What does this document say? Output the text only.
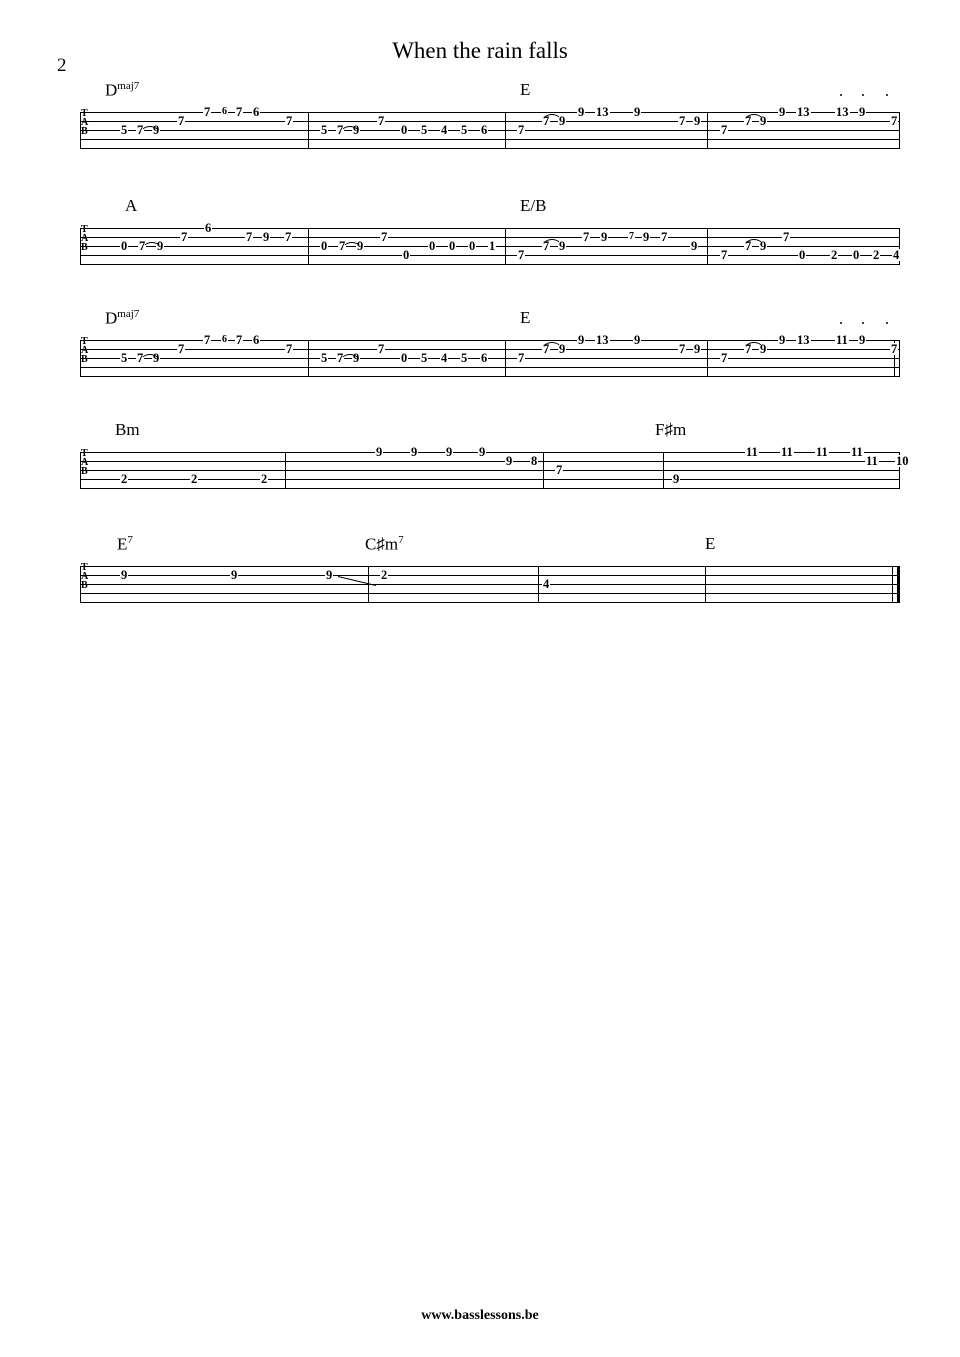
2
When the rain falls
T
A
B
$D^{maj7}$	E
5 7 9
7
7 6 7 6
7
5 7 9
7
0 5 4 5 6 7
7 9
9 13 9
7 9
7
7 9
9 13 13 9
7
T
A
B
A	E/B
0 7 9
7
6
7 9 7
0 7 9
7
0
0 0 0 1
7
7 9
7 9 7 9 7
9
7
7 9
7
0 2 0 2 4
T
A
B
$D^{maj7}$	E
5 7 9
7
7 6 7 6
7
5 7 9
7
0 5 4 5 6 7
7 9
9 13 9
7 9
7
7 9
9 13 11 9
7
T
A
B
Bm	F♯m
2	2	2
9 9 9 9
9 8
7
9
11 11 11 11
11 10
T
A
B
$E^7$	$C♯m^7$	E
9	9	9	2
4
www.basslessons.be
